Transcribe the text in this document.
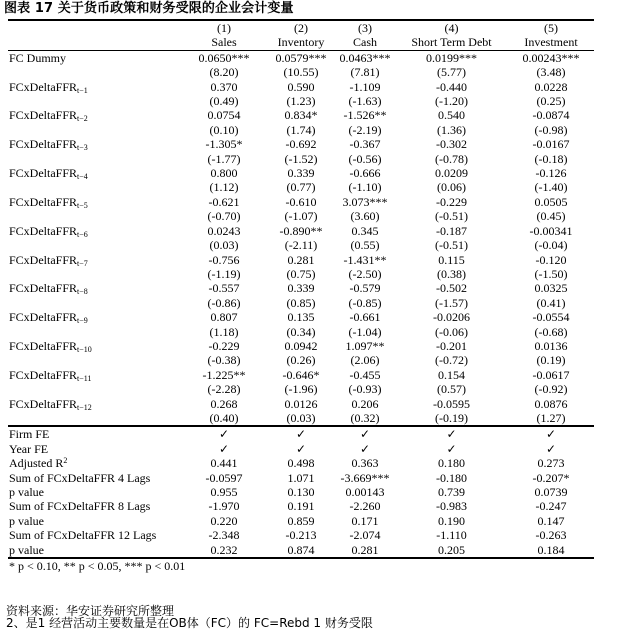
图表 17 关于货币政策和财务受限的企业会计变量
	(1)	(2)	(3)	(4)	(5)
	Sales	Inventory	Cash	Short Term Debt	Investment
FC Dummy	0.0650***	0.0579***	0.0463***	0.0199***	0.00243***
	(8.20)	(10.55)	(7.81)	(5.77)	(3.48)
FCxDeltaFFR$_{t-1}$	0.370	0.590	-1.109	-0.440	0.0228
	(0.49)	(1.23)	(-1.63)	(-1.20)	(0.25)
FCxDeltaFFR$_{t-2}$	0.0754	0.834*	-1.526**	0.540	-0.0874
	(0.10)	(1.74)	(-2.19)	(1.36)	(-0.98)
FCxDeltaFFR$_{t-3}$	-1.305*	-0.692	-0.367	-0.302	-0.0167
	(-1.77)	(-1.52)	(-0.56)	(-0.78)	(-0.18)
FCxDeltaFFR$_{t-4}$	0.800	0.339	-0.666	0.0209	-0.126
	(1.12)	(0.77)	(-1.10)	(0.06)	(-1.40)
FCxDeltaFFR$_{t-5}$	-0.621	-0.610	3.073***	-0.229	0.0505
	(-0.70)	(-1.07)	(3.60)	(-0.51)	(0.45)
FCxDeltaFFR$_{t-6}$	0.0243	-0.890**	0.345	-0.187	-0.00341
	(0.03)	(-2.11)	(0.55)	(-0.51)	(-0.04)
FCxDeltaFFR$_{t-7}$	-0.756	0.281	-1.431**	0.115	-0.120
	(-1.19)	(0.75)	(-2.50)	(0.38)	(-1.50)
FCxDeltaFFR$_{t-8}$	-0.557	0.339	-0.579	-0.502	0.0325
	(-0.86)	(0.85)	(-0.85)	(-1.57)	(0.41)
FCxDeltaFFR$_{t-9}$	0.807	0.135	-0.661	-0.0206	-0.0554
	(1.18)	(0.34)	(-1.04)	(-0.06)	(-0.68)
FCxDeltaFFR$_{t-10}$	-0.229	0.0942	1.097**	-0.201	0.0136
	(-0.38)	(0.26)	(2.06)	(-0.72)	(0.19)
FCxDeltaFFR$_{t-11}$	-1.225**	-0.646*	-0.455	0.154	-0.0617
	(-2.28)	(-1.96)	(-0.93)	(0.57)	(-0.92)
FCxDeltaFFR$_{t-12}$	0.268	0.0126	0.206	-0.0595	0.0876
	(0.40)	(0.03)	(0.32)	(-0.19)	(1.27)
Firm FE	✓	✓	✓	✓	✓
Year FE	✓	✓	✓	✓	✓
Adjusted $R^2$	0.441	0.498	0.363	0.180	0.273
Sum of FCxDeltaFFR 4 Lags	-0.0597	1.071	-3.669***	-0.180	-0.207*
p value	0.955	0.130	0.00143	0.739	0.0739
Sum of FCxDeltaFFR 8 Lags	-1.970	0.191	-2.260	-0.983	-0.247
p value	0.220	0.859	0.171	0.190	0.147
Sum of FCxDeltaFFR 12 Lags	-2.348	-0.213	-2.074	-1.110	-0.263
p value	0.232	0.874	0.281	0.205	0.184
* p < 0.10, ** p < 0.05, *** p < 0.01					
资料来源：华安证券研究所整理
2、是1 经营活动主要数量是在OB体（FC）的 FC=Rebd 1 财务受限
